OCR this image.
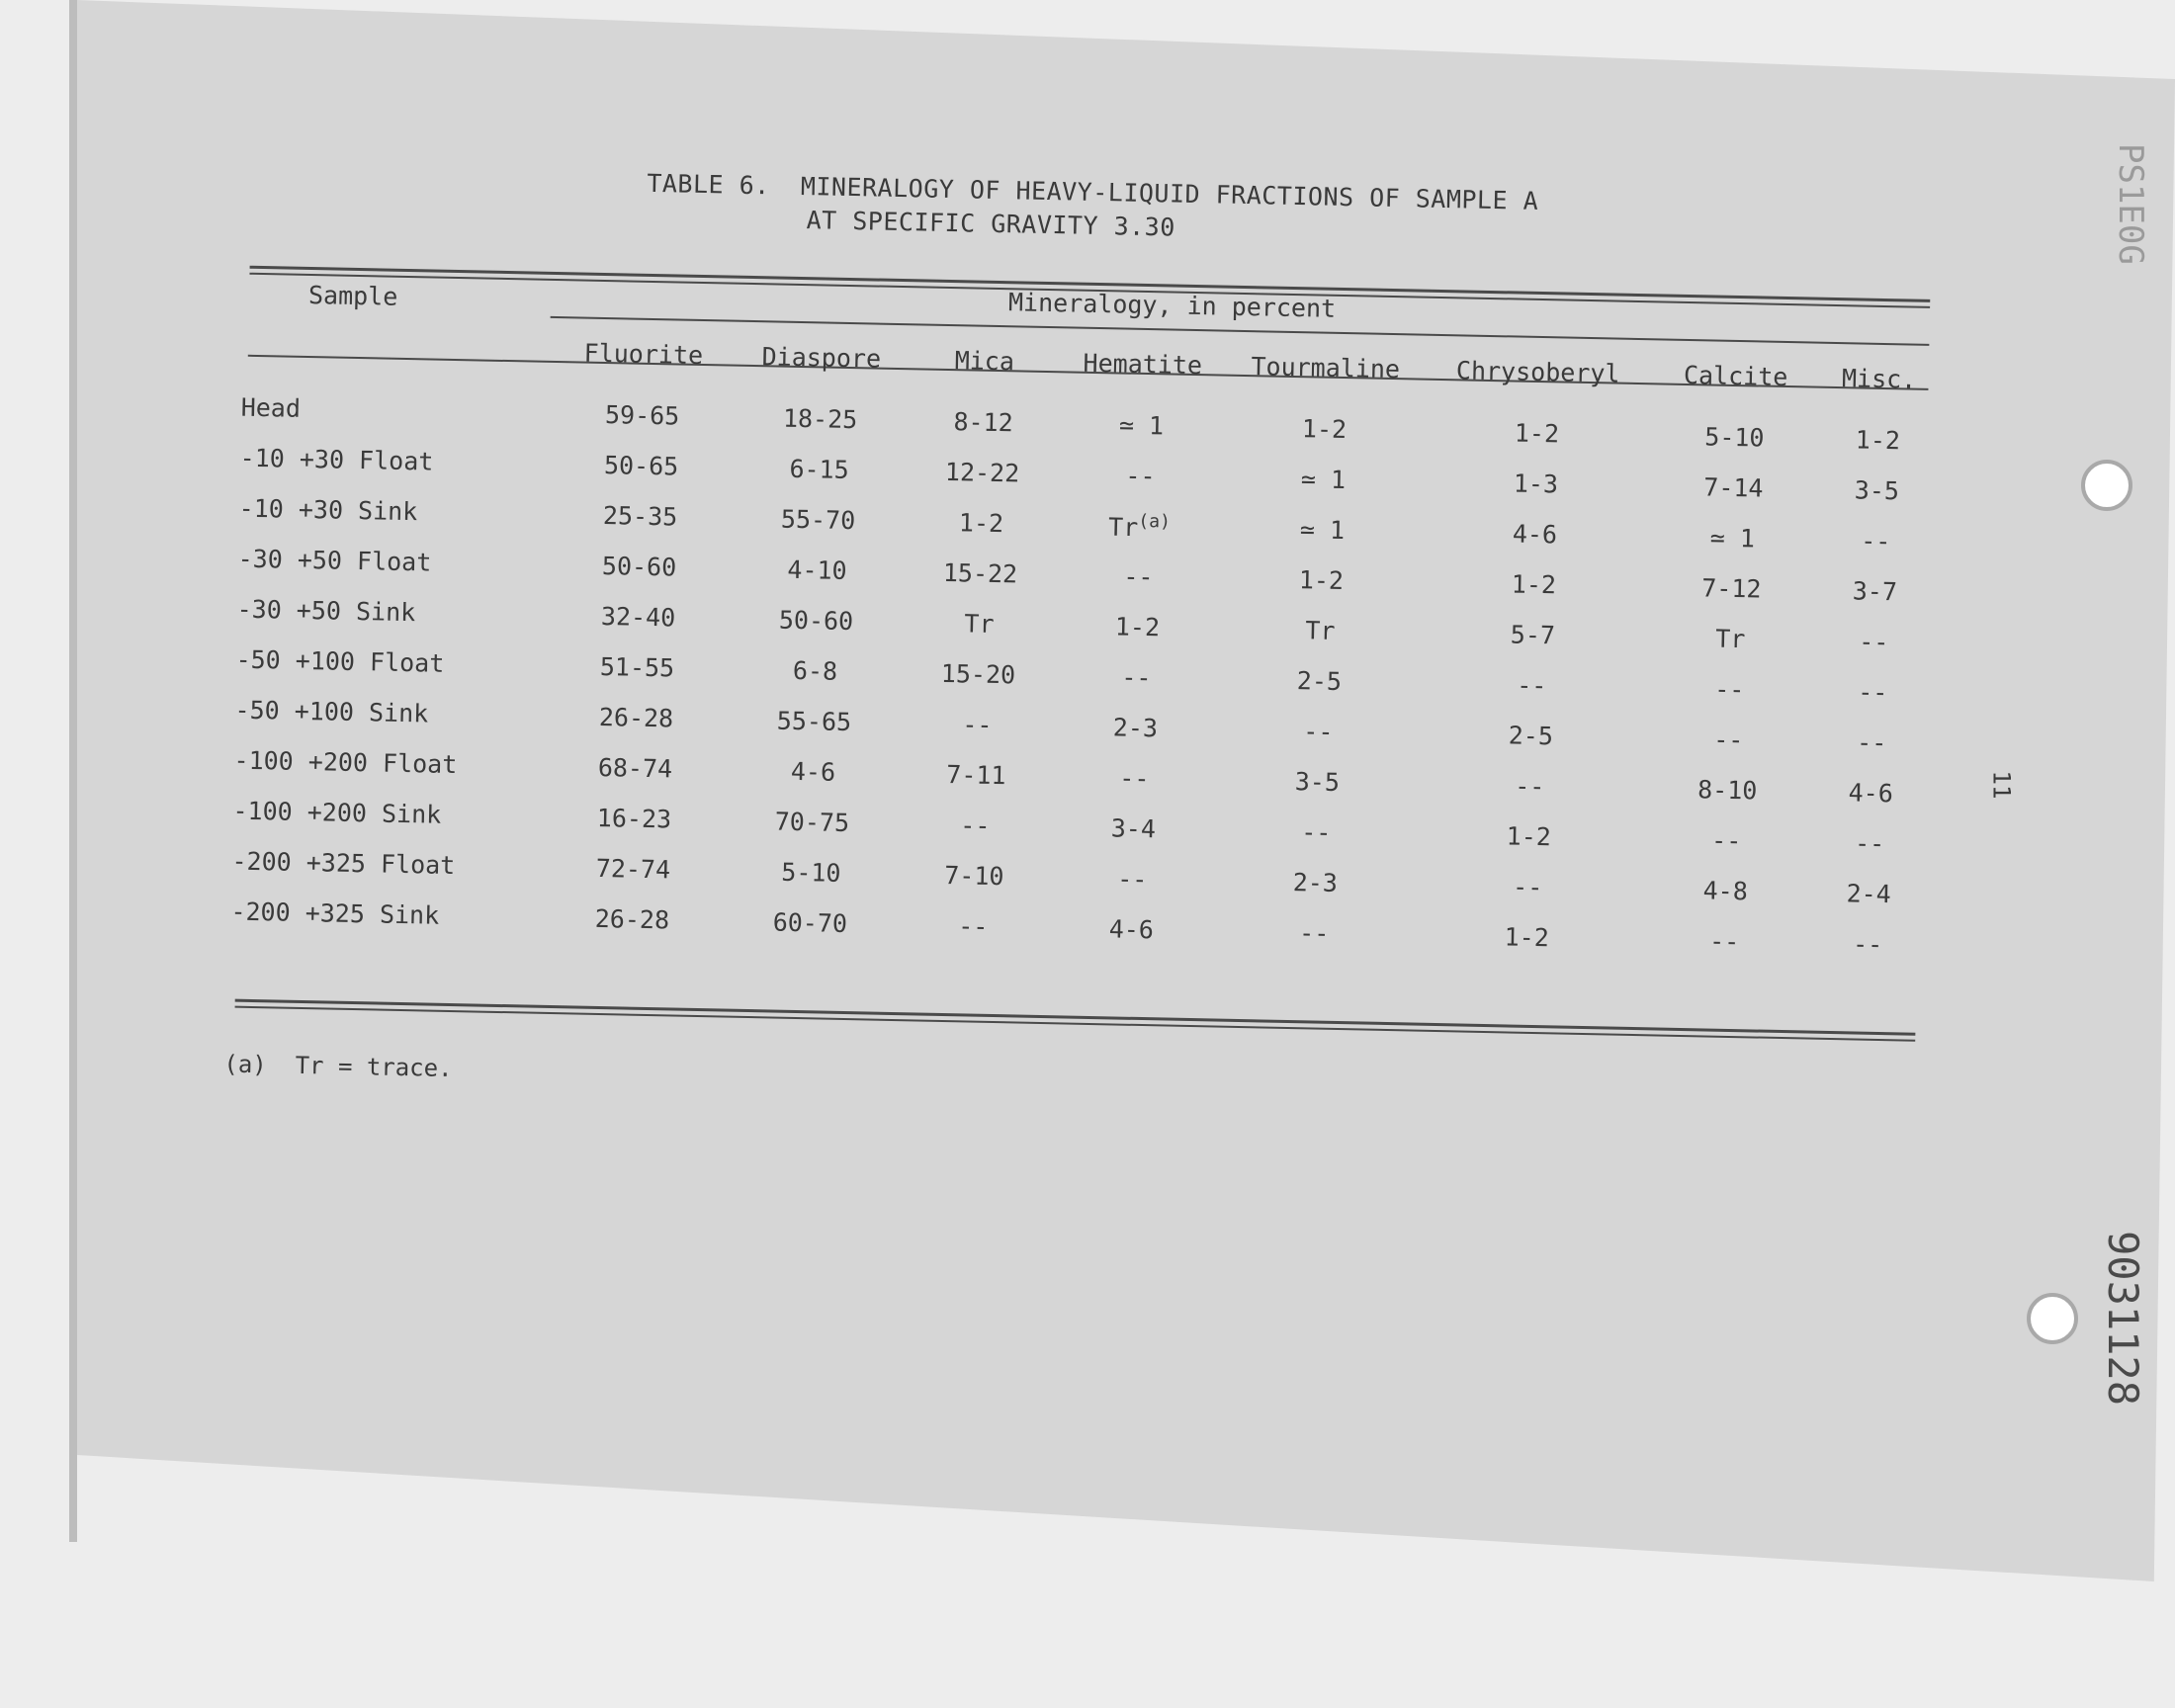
PS1E0G
9031128
11
TABLE 6.  MINERALOGY OF HEAVY-LIQUID FRACTIONS OF SAMPLE A
AT SPECIFIC GRAVITY 3.30
Mineralogy, in percent
Sample	Fluorite	Diaspore	Mica	Hematite	Tourmaline	Chrysoberyl	Calcite	Misc.
Head	59-65	18-25	8-12	≃ 1	1-2	1-2	5-10	1-2
-10 +30 Float	50-65	6-15	12-22	--	≃ 1	1-3	7-14	3-5
-10 +30 Sink	25-35	55-70	1-2	Tr$^{(a)}$	≃ 1	4-6	≃ 1	--
-30 +50 Float	50-60	4-10	15-22	--	1-2	1-2	7-12	3-7
-30 +50 Sink	32-40	50-60	Tr	1-2	Tr	5-7	Tr	--
-50 +100 Float	51-55	6-8	15-20	--	2-5	--	--	--
-50 +100 Sink	26-28	55-65	--	2-3	--	2-5	--	--
-100 +200 Float	68-74	4-6	7-11	--	3-5	--	8-10	4-6
-100 +200 Sink	16-23	70-75	--	3-4	--	1-2	--	--
-200 +325 Float	72-74	5-10	7-10	--	2-3	--	4-8	2-4
-200 +325 Sink	26-28	60-70	--	4-6	--	1-2	--	--
(a)  Tr = trace.
